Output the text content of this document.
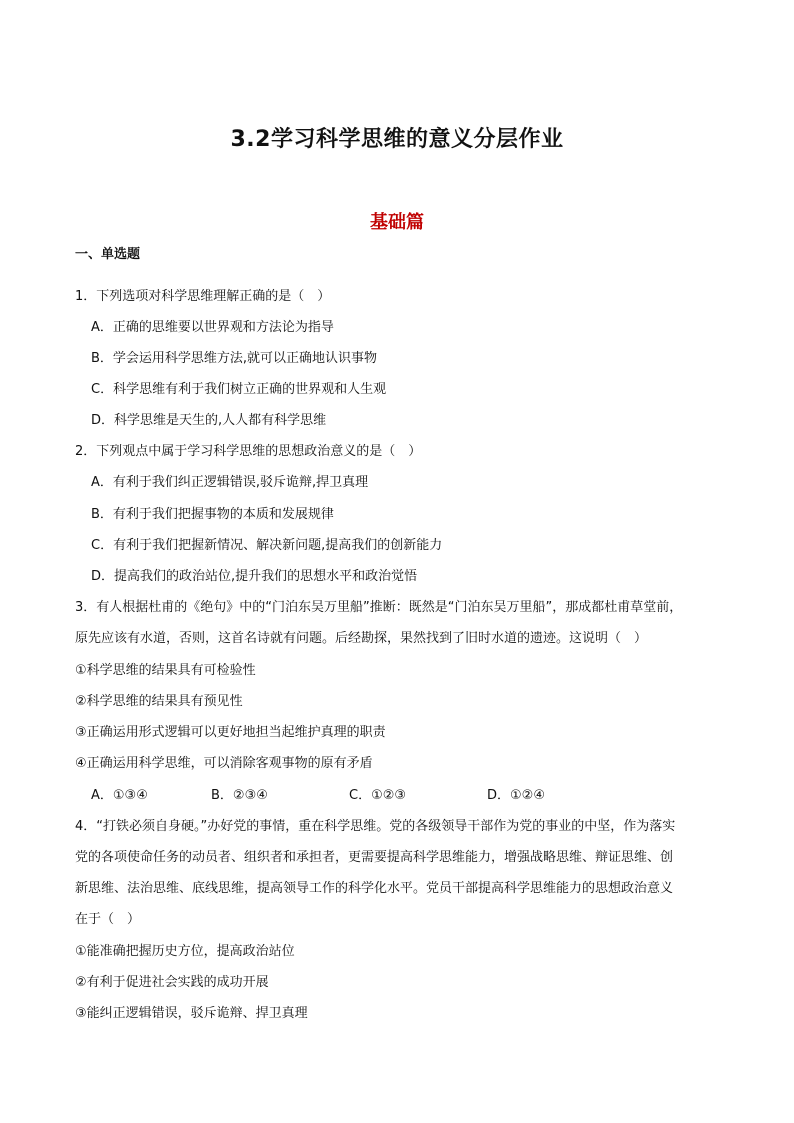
3.2学习科学思维的意义分层作业
基础篇
一、单选题
1．下列选项对科学思维理解正确的是（　）
A．正确的思维要以世界观和方法论为指导
B．学会运用科学思维方法,就可以正确地认识事物
C．科学思维有利于我们树立正确的世界观和人生观
D．科学思维是天生的,人人都有科学思维
2．下列观点中属于学习科学思维的思想政治意义的是（　）
A．有利于我们纠正逻辑错误,驳斥诡辩,捍卫真理
B．有利于我们把握事物的本质和发展规律
C．有利于我们把握新情况、解决新问题,提高我们的创新能力
D．提高我们的政治站位,提升我们的思想水平和政治觉悟
3．有人根据杜甫的《绝句》中的“门泊东吴万里船”推断：既然是“门泊东吴万里船”，那成都杜甫草堂前，
原先应该有水道，否则，这首名诗就有问题。后经勘探，果然找到了旧时水道的遗迹。这说明（　）
①科学思维的结果具有可检验性
②科学思维的结果具有预见性
③正确运用形式逻辑可以更好地担当起维护真理的职责
④正确运用科学思维，可以消除客观事物的原有矛盾
A．①③④	B．②③④	C．①②③	D．①②④
4．“打铁必须自身硬。”办好党的事情，重在科学思维。党的各级领导干部作为党的事业的中坚，作为落实
党的各项使命任务的动员者、组织者和承担者，更需要提高科学思维能力，增强战略思维、辩证思维、创
新思维、法治思维、底线思维，提高领导工作的科学化水平。党员干部提高科学思维能力的思想政治意义
在于（　）
①能准确把握历史方位，提高政治站位
②有利于促进社会实践的成功开展
③能纠正逻辑错误，驳斥诡辩、捍卫真理
